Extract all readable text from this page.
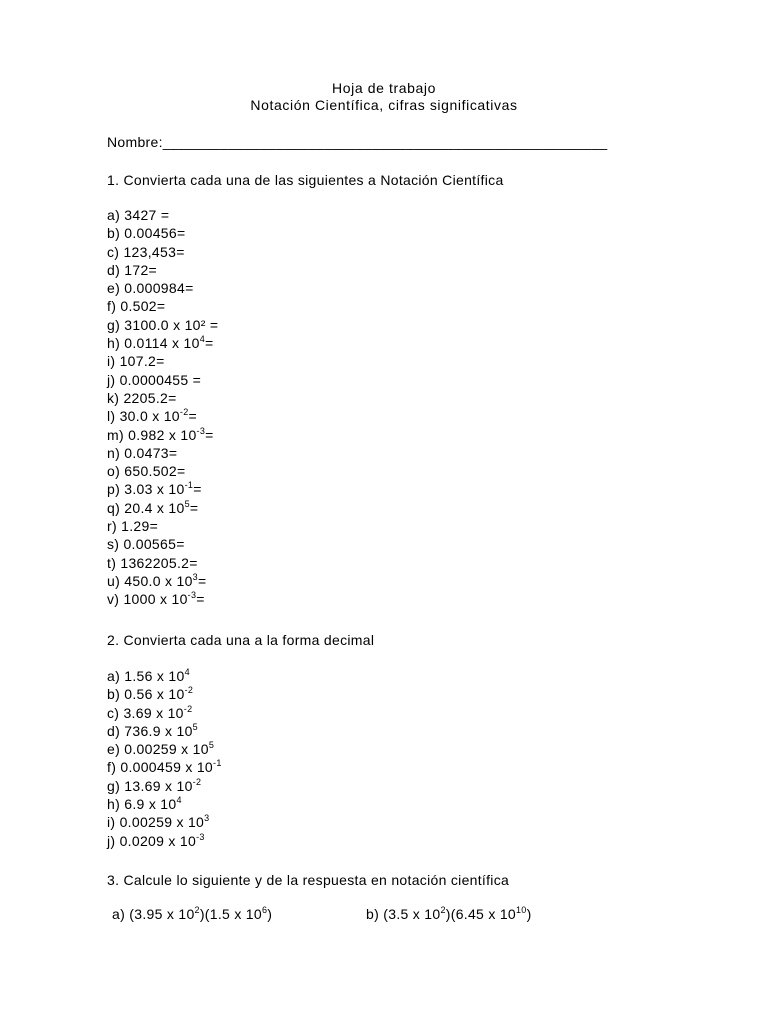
Hoja de trabajo
Notación Científica, cifras significativas
Nombre:_______________________________________________________
1. Convierta cada una de las siguientes a Notación Científica
a) 3427 =
b) 0.00456=
c) 123,453=
d) 172=
e) 0.000984=
f) 0.502=
g) 3100.0 x 10² =
h) 0.0114 x $10^4=$
i) 107.2=
j) 0.0000455 =
k) 2205.2=
l) 30.0 x $10^{-2}=$
m) 0.982 x $10^{-3}=$
n) 0.0473=
o) 650.502=
p) 3.03 x $10^{-1}=$
q) 20.4 x $10^5=$
r) 1.29=
s) 0.00565=
t) 1362205.2=
u) 450.0 x $10^3=$
v) 1000 x $10^{-3}=$
2. Convierta cada una a la forma decimal
a) 1.56 x $10^4$
b) 0.56 x $10^{-2}$
c) 3.69 x $10^{-2}$
d) 736.9 x $10^5$
e) 0.00259 x $10^5$
f) 0.000459 x $10^{-1}$
g) 13.69 x $10^{-2}$
h) 6.9 x $10^4$
i) 0.00259 x $10^3$
j) 0.0209 x $10^{-3}$
3. Calcule lo siguiente y de la respuesta en notación científica
a) (3.95 x $10^2)(1.5$ x $10^6$)	b) (3.5 x $10^2)(6.45$ x $10^{10}$)
